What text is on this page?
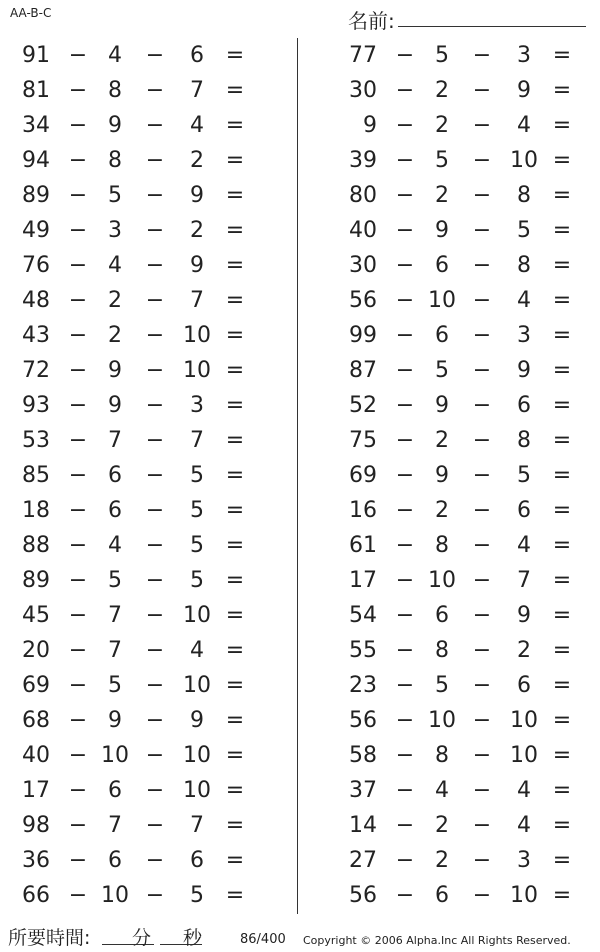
AA-B-C	名前:
91 − 4	−	6 =
81 − 8	−	7 =
34 − 9	−	4 =
94 − 8	−	2 =
89 − 5	−	9 =
49 − 3	−	2 =
76 − 4	−	9 =
48 − 2	−	7 =
43 − 2	− 10 =
72 − 9	− 10 =
93 − 9	−	3 =
53 − 7	−	7 =
85 − 6	−	5 =
18 − 6	−	5 =
88 − 4	−	5 =
89 − 5	−	5 =
45 − 7	− 10 =
20 − 7	−	4 =
69 − 5	− 10 =
68 − 9	−	9 =
40 − 10 − 10 =
17 − 6	− 10 =
98 − 7	−	7 =
36 − 6	−	6 =
66 − 10 −	5 =
77 − 5	−	3 =
30 − 2	−	9 =
9 − 2	−	4 =
39 − 5	− 10 =
80 − 2	−	8 =
40 − 9	−	5 =
30 − 6	−	8 =
56 − 10 −	4 =
99 − 6	−	3 =
87 − 5	−	9 =
52 − 9	−	6 =
75 − 2	−	8 =
69 − 9	−	5 =
16 − 2	−	6 =
61 − 8	−	4 =
17 − 10 −	7 =
54 − 6	−	9 =
55 − 8	−	2 =
23 − 5	−	6 =
56 − 10 − 10 =
58 − 8	− 10 =
37 − 4	−	4 =
14 − 2	−	4 =
27 − 2	−	3 =
56 − 6	− 10 =
所要時間: 分 秒	86/400 Copyright © 2006 Alpha.Inc All Rights Reserved.
